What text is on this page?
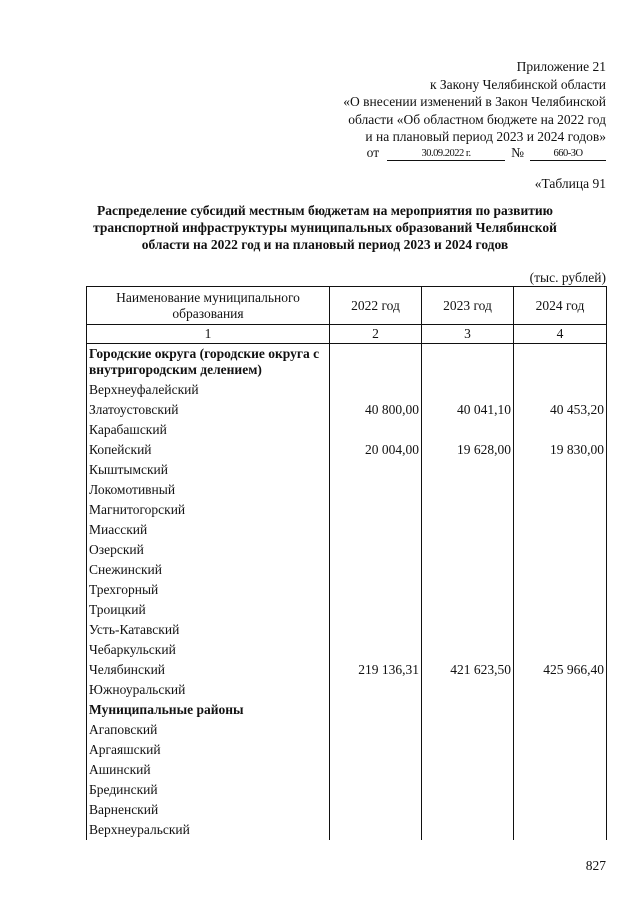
Приложение 21
к Закону Челябинской области
«О внесении изменений в Закон Челябинской
области «Об областном бюджете на 2022 год
и на плановый период 2023 и 2024 годов»
от	30.09.2022 г.	№	660-ЗО
«Таблица 91
Распределение субсидий местным бюджетам на мероприятия по развитию транспортной инфраструктуры муниципальных образований Челябинской области на 2022 год и на плановый период 2023 и 2024 годов
(тыс. рублей)
Наименование муниципального образования	2022 год	2023 год	2024 год
1	2	3	4
Городские округа (городские округа с внутригородским делением)			
Верхнеуфалейский			
Златоустовский	40 800,00	40 041,10	40 453,20
Карабашский			
Копейский	20 004,00	19 628,00	19 830,00
Кыштымский			
Локомотивный			
Магнитогорский			
Миасский			
Озерский			
Снежинский			
Трехгорный			
Троицкий			
Усть-Катавский			
Чебаркульский			
Челябинский	219 136,31	421 623,50	425 966,40
Южноуральский			
Муниципальные районы			
Агаповский			
Аргаяшский			
Ашинский			
Брединский			
Варненский			
Верхнеуральский			
827
